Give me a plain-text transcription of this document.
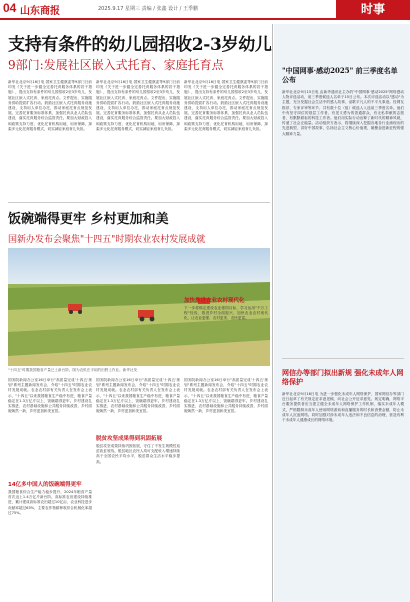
04 山东商报	2025.9.17 星期三 责编 / 张鑫 设计 / 王季鹏	时事
支持有条件的幼儿园招收2-3岁幼儿
9部门:发展社区嵌入式托育、家庭托育点
新华社北京9月16日电 国家卫生健康委等9部门日前印发《关于进一步健全完善托育服务体系的若干措施》，提出支持有条件的幼儿园招收2至3岁幼儿，发展社区嵌入式托育、家庭托育点。文件提出，实施服务供给提质扩容行动。鼓励社区嵌入式托育服务设施建设，支持用人单位办托，推动家庭托育点规范发展。完善托育服务标准体系，加强托育从业人员队伍建设，落实托育服务综合监管责任。要加大财政投入和政策支持力度，优化托育机构用地、用房保障，探索多元化托育服务模式，切实减轻家庭育儿负担。
新华社北京9月16日电 国家卫生健康委等9部门日前印发《关于进一步健全完善托育服务体系的若干措施》，提出支持有条件的幼儿园招收2至3岁幼儿，发展社区嵌入式托育、家庭托育点。文件提出，实施服务供给提质扩容行动。鼓励社区嵌入式托育服务设施建设，支持用人单位办托，推动家庭托育点规范发展。完善托育服务标准体系，加强托育从业人员队伍建设，落实托育服务综合监管责任。要加大财政投入和政策支持力度，优化托育机构用地、用房保障，探索多元化托育服务模式，切实减轻家庭育儿负担。
新华社北京9月16日电 国家卫生健康委等9部门日前印发《关于进一步健全完善托育服务体系的若干措施》，提出支持有条件的幼儿园招收2至3岁幼儿，发展社区嵌入式托育、家庭托育点。文件提出，实施服务供给提质扩容行动。鼓励社区嵌入式托育服务设施建设，支持用人单位办托，推动家庭托育点规范发展。完善托育服务标准体系，加强托育从业人员队伍建设，落实托育服务综合监管责任。要加大财政投入和政策支持力度，优化托育机构用地、用房保障，探索多元化托育服务模式，切实减轻家庭育儿负担。
饭碗端得更牢 乡村更加和美
国新办发布会聚焦"十四五"时期农业农村发展成就
"十四五"时期我国粮食产量已上新台阶。图为农机在平坦的田野上作业。新华社发
国务院新闻办公室16日举行"高质量完成'十四五'规划"系列主题新闻发布会，介绍"十四五"时期农业农村发展成就。农业农村部有关负责人在发布会上表示，"十四五"以来我国粮食生产稳中有进，粮食产量稳定在1.3万亿斤以上，饭碗端得更牢。乡村建设扎实推进，农村基础设施和公共服务持续改善，乡村面貌焕然一新，乡村更加和美宜居。
14亿多中国人的饭碗端得更牢
我国粮食综合生产能力稳步提升，2024年粮食产量首次迈上1.4万亿斤新台阶。高标准农田建设持续推进，累计建成高标准农田超过10亿亩，农业科技进步贡献率超过63%，主要农作物耕种收综合机械化率超过75%。
国务院新闻办公室16日举行"高质量完成'十四五'规划"系列主题新闻发布会，介绍"十四五"时期农业农村发展成就。农业农村部有关负责人在发布会上表示，"十四五"以来我国粮食生产稳中有进，粮食产量稳定在1.3万亿斤以上，饭碗端得更牢。乡村建设扎实推进，农村基础设施和公共服务持续改善，乡村面貌焕然一新，乡村更加和美宜居。
脱贫攻坚成果得到巩固拓展
脱贫攻坚成果持续巩固拓展，守住了不发生规模性返贫致贫底线。脱贫地区农民人均可支配收入增速持续高于全国农民平均水平，脱贫群众生活水平稳步提高。
国务院新闻办公室16日举行"高质量完成'十四五'规划"系列主题新闻发布会，介绍"十四五"时期农业农村发展成就。农业农村部有关负责人在发布会上表示，"十四五"以来我国粮食生产稳中有进，粮食产量稳定在1.3万亿斤以上，饭碗端得更牢。乡村建设扎实推进，农村基础设施和公共服务持续改善，乡村面貌焕然一新，乡村更加和美宜居。
加快推进农业农村现代化
下一步将锚定建设农业强国目标，学习运用"千万工程"经验，推进乡村全面振兴，加快农业农村现代化，让农业更强、农村更美、农民更富。
"中国网事·感动2025" 前三季度名单公布
新华社北京9月15日电 由新华通讯社主办的"中国网事·感动2025"网络感动人物评选活动，前三季度候选人名单于15日公布。本次评选活动以"感动"为主题，充分发掘社会生活中的感人故事，讴歌平凡人的不平凡事迹。经网友推荐、专家评审等环节，共有数十位（组）候选人入选前三季度名单。他们中有坚守岗位的基层工作者，有见义勇为的普通群众，有无私奉献的志愿者，有默默耕耘的科技工作者。他们用实际行动诠释了新时代的精神风貌，传递了社会正能量。活动组织方表示，将继续深入挖掘各地各行业涌现出的先进典型，讲好中国故事，弘扬社会主义核心价值观，凝聚奋进新征程的强大精神力量。
网信办等部门拟出新规 强化未成年人网络保护
新华社北京9月16日电 为进一步强化未成年人网络保护，国家网信办等部门近日起草了有关规定征求意见稿，向社会公开征求意见。规定明确，网络平台服务提供者应当建立健全未成年人网络保护工作机制，落实未成年人模式，严格限制未成年人使用网络游戏和直播服务的时长和消费金额，防止未成年人沉迷网络。同时加强对涉未成年人违法和不良信息的治理，营造有利于未成年人健康成长的网络环境。
